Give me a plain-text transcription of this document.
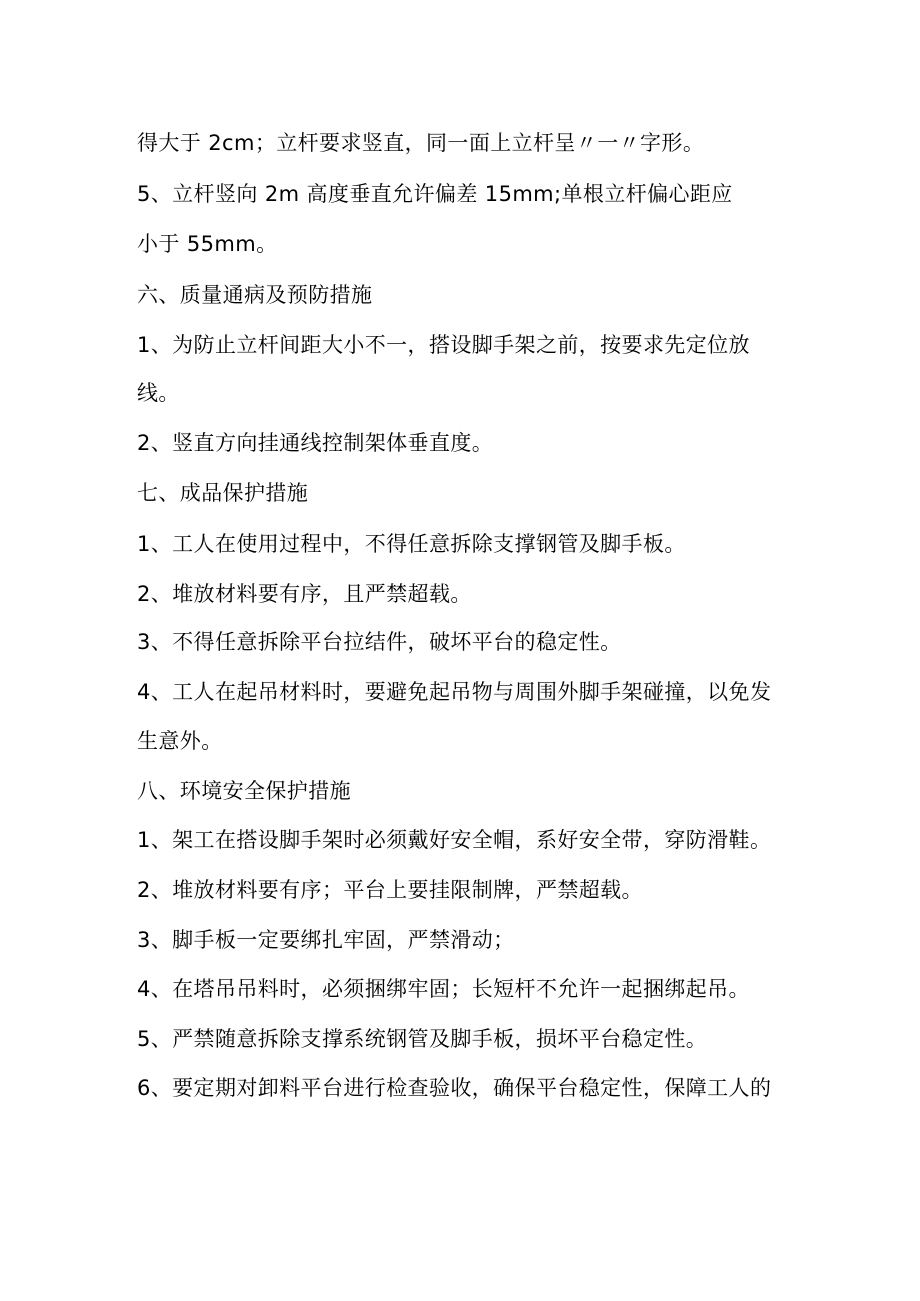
得大于 2cm；立杆要求竖直，同一面上立杆呈〃一〃字形。
5、立杆竖向 2m 高度垂直允许偏差 15mm;单根立杆偏心距应
小于 55mm。
六、质量通病及预防措施
1、为防止立杆间距大小不一，搭设脚手架之前，按要求先定位放
线。
2、竖直方向挂通线控制架体垂直度。
七、成品保护措施
1、工人在使用过程中，不得任意拆除支撑钢管及脚手板。
2、堆放材料要有序，且严禁超载。
3、不得任意拆除平台拉结件，破坏平台的稳定性。
4、工人在起吊材料时，要避免起吊物与周围外脚手架碰撞，以免发
生意外。
八、环境安全保护措施
1、架工在搭设脚手架时必须戴好安全帽，系好安全带，穿防滑鞋。
2、堆放材料要有序；平台上要挂限制牌，严禁超载。
3、脚手板一定要绑扎牢固，严禁滑动；
4、在塔吊吊料时，必须捆绑牢固；长短杆不允许一起捆绑起吊。
5、严禁随意拆除支撑系统钢管及脚手板，损坏平台稳定性。
6、要定期对卸料平台进行检查验收，确保平台稳定性，保障工人的
